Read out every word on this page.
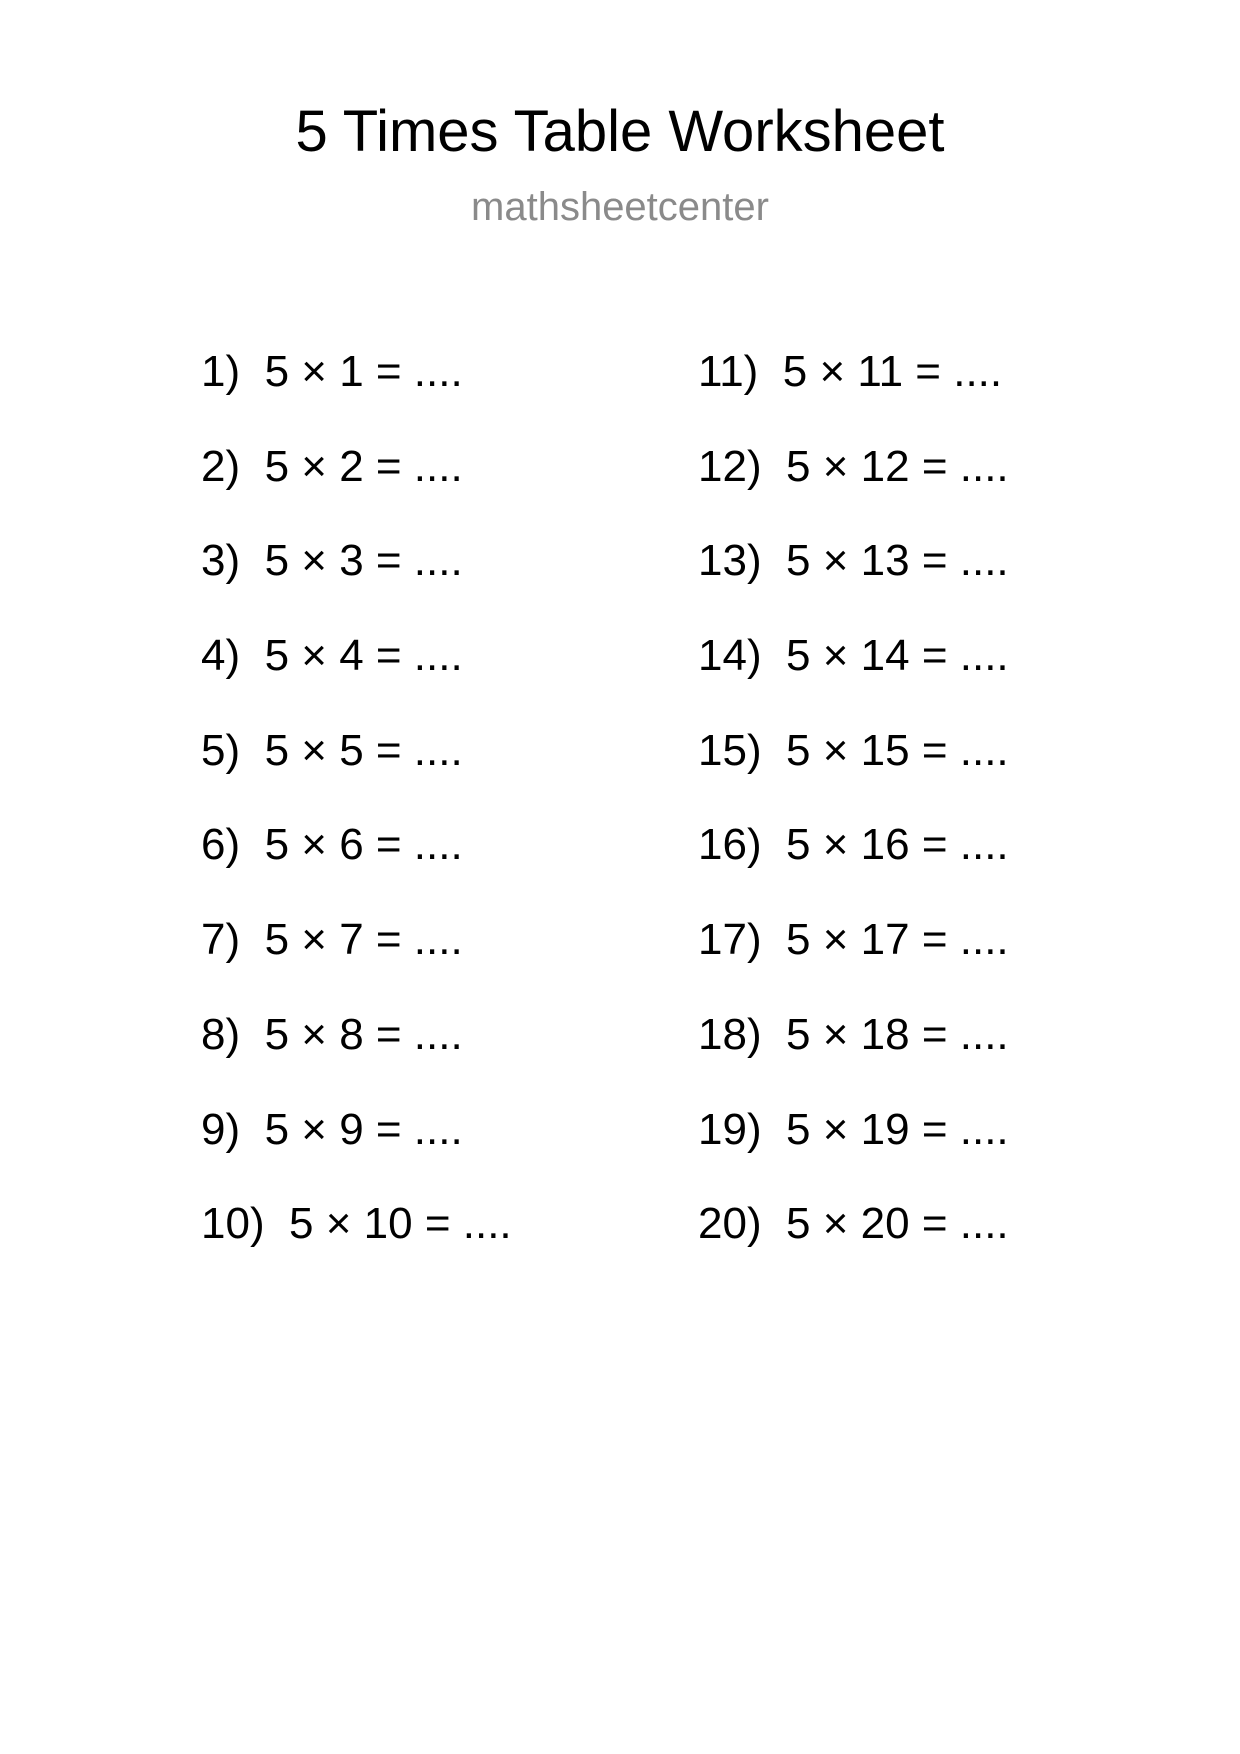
5 Times Table Worksheet
mathsheetcenter
1)  5 × 1 = ....
2)  5 × 2 = ....
3)  5 × 3 = ....
4)  5 × 4 = ....
5)  5 × 5 = ....
6)  5 × 6 = ....
7)  5 × 7 = ....
8)  5 × 8 = ....
9)  5 × 9 = ....
10)  5 × 10 = ....
11)  5 × 11 = ....
12)  5 × 12 = ....
13)  5 × 13 = ....
14)  5 × 14 = ....
15)  5 × 15 = ....
16)  5 × 16 = ....
17)  5 × 17 = ....
18)  5 × 18 = ....
19)  5 × 19 = ....
20)  5 × 20 = ....
